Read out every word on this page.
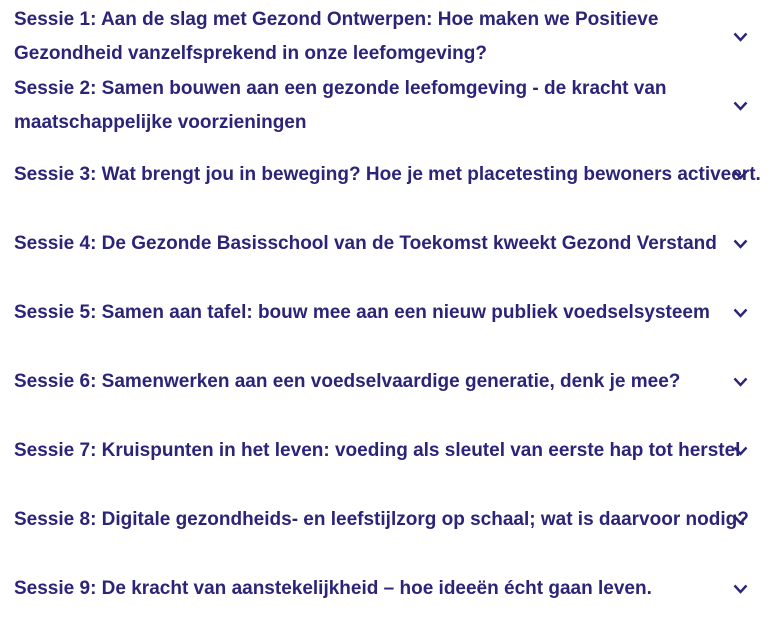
Sessie 1: Aan de slag met Gezond Ontwerpen: Hoe maken we Positieve Gezondheid vanzelfsprekend in onze leefomgeving?
Sessie 2: Samen bouwen aan een gezonde leefomgeving - de kracht van maatschappelijke voorzieningen
Sessie 3: Wat brengt jou in beweging? Hoe je met placetesting bewoners activeert.
Sessie 4: De Gezonde Basisschool van de Toekomst kweekt Gezond Verstand
Sessie 5: Samen aan tafel: bouw mee aan een nieuw publiek voedselsysteem
Sessie 6: Samenwerken aan een voedselvaardige generatie, denk je mee?
Sessie 7: Kruispunten in het leven: voeding als sleutel van eerste hap tot herstel
Sessie 8: Digitale gezondheids- en leefstijlzorg op schaal; wat is daarvoor nodig?
Sessie 9: De kracht van aanstekelijkheid – hoe ideeën écht gaan leven.
